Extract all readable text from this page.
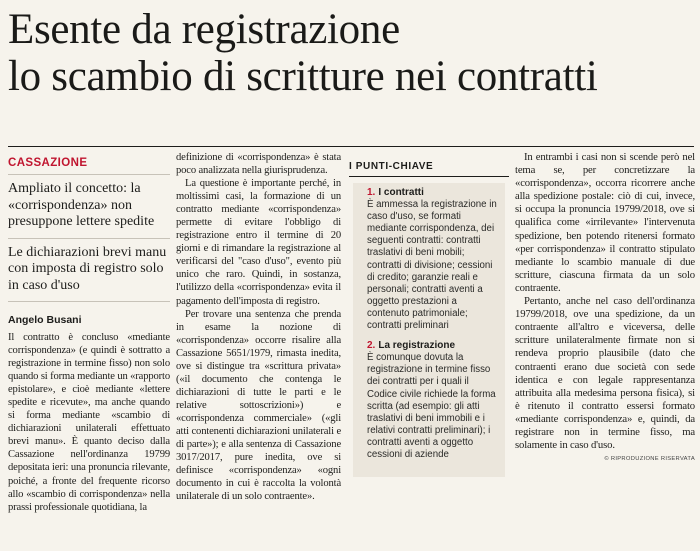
Esente da registrazione
lo scambio di scritture nei contratti
CASSAZIONE

Ampliato il concetto: la «corrispondenza» non presuppone lettere spedite

Le dichiarazioni brevi manu con imposta di registro solo in caso d'uso

Angelo Busani

Il contratto è concluso «mediante corrispondenza» (e quindi è sottratto a registrazione in termine fisso) non solo quando si forma mediante un «rapporto epistolare», e cioè mediante «lettere spedite e ricevute», ma anche quando si forma mediante «scambio di dichiarazioni unilaterali effettuato brevi manu». È quanto deciso dalla Cassazione nell'ordinanza 19799 depositata ieri: una pronuncia rilevante, poiché, a fronte del frequente ricorso allo «scambio di corrispondenza» nella prassi professionale quotidiana, la

definizione di «corrispondenza» è stata poco analizzata nella giurisprudenza.

La questione è importante perché, in moltissimi casi, la formazione di un contratto mediante «corrispondenza» permette di evitare l'obbligo di registrazione entro il termine di 20 giorni e di rimandare la registrazione al verificarsi del "caso d'uso", evento più unico che raro. Quindi, in sostanza, l'utilizzo della «corrispondenza» evita il pagamento dell'imposta di registro.

Per trovare una sentenza che prenda in esame la nozione di «corrispondenza» occorre risalire alla Cassazione 5651/1979, rimasta inedita, ove si distingue tra «scrittura privata» («il documento che contenga le dichiarazioni di tutte le parti e le relative sottoscrizioni») e «corrispondenza commerciale» («gli atti contenenti dichiarazioni unilaterali e di parte»); e alla sentenza di Cassazione 3017/2017, pure inedita, ove si definisce «corrispondenza» «ogni documento in cui è raccolta la volontà unilaterale di un solo contraente».

I PUNTI-CHIAVE
1. I contratti
È ammessa la registrazione in caso d'uso, se formati mediante corrispondenza, dei seguenti contratti: contratti traslativi di beni mobili; contratti di divisione; cessioni di credito; garanzie reali e personali; contratti aventi a oggetto prestazioni a contenuto patrimoniale; contratti preliminari
2. La registrazione
È comunque dovuta la registrazione in termine fisso dei contratti per i quali il Codice civile richiede la forma scritta (ad esempio: gli atti traslativi di beni immobili e i relativi contratti preliminari); i contratti aventi a oggetto cessioni di aziende

In entrambi i casi non si scende però nel tema se, per concretizzare la «corrispondenza», occorra ricorrere anche alla spedizione postale: ciò di cui, invece, si occupa la pronuncia 19799/2018, ove si qualifica come «irrilevante» l'intervenuta spedizione, ben potendo ritenersi formato «per corrispondenza» il contratto stipulato mediante lo scambio manuale di due scritture, ciascuna firmata da un solo contraente.

Pertanto, anche nel caso dell'ordinanza 19799/2018, ove una spedizione, da un contraente all'altro e viceversa, delle scritture unilateralmente firmate non si rendeva proprio plausibile (dato che contraenti erano due società con sede identica e con legale rappresentanza attribuita alla medesima persona fisica), si è ritenuto il contratto essersi formato «mediante corrispondenza» e, quindi, da registrare non in termine fisso, ma solamente in caso d'uso.

© RIPRODUZIONE RISERVATA
